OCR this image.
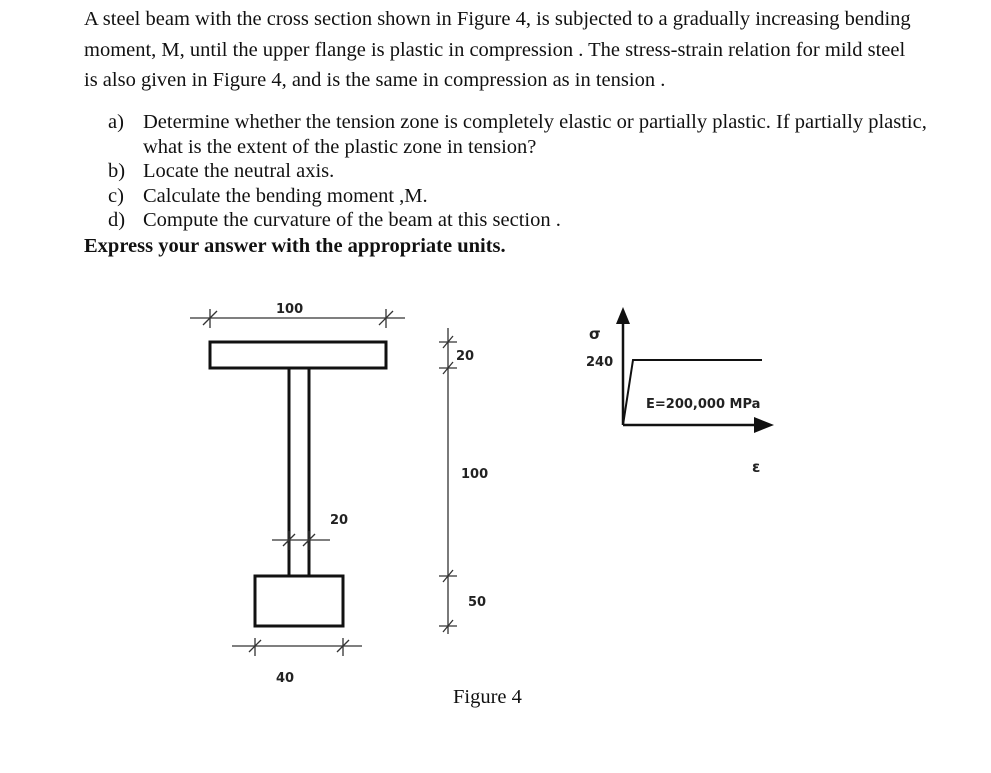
A steel beam with the cross section shown in Figure 4, is subjected to a gradually increasing bending moment, M, until the upper flange is plastic in compression . The stress-strain relation for mild steel is also given in Figure 4, and is the same in compression as in tension .
a) Determine whether the tension zone is completely elastic or partially plastic. If partially plastic, what is the extent of the plastic zone in tension?
b) Locate the neutral axis.
c) Calculate the bending moment ,M.
d) Compute the curvature of the beam at this section .
Express your answer with the appropriate units.
100
20
100
20
50
40
σ
240
E=200,000 MPa
ε
Figure 4
